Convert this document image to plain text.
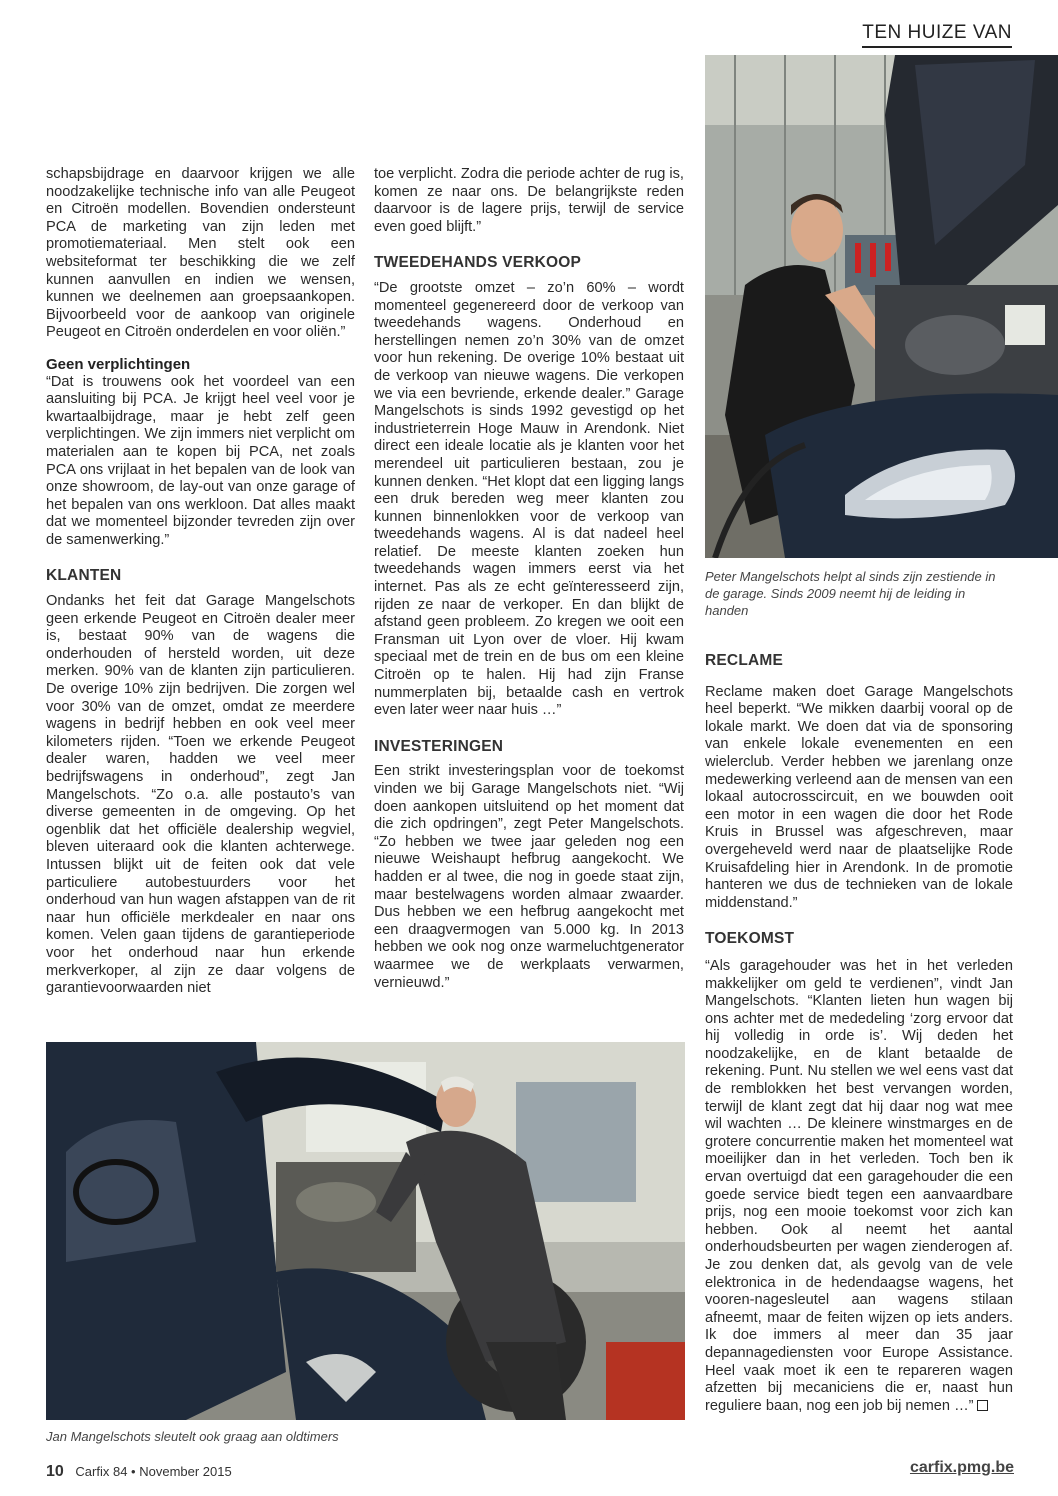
TEN HUIZE VAN
Peter Mangelschots helpt al sinds zijn zestiende in de garage. Sinds 2009 neemt hij de leiding in handen
Jan Mangelschots sleutelt ook graag aan oldtimers

schapsbijdrage en daarvoor krijgen we alle noodzakelijke technische info van alle Peugeot en Citroën modellen. Bovendien ondersteunt PCA de marketing van zijn leden met promotiemateriaal. Men stelt ook een websiteformat ter beschikking die we zelf kunnen aanvullen en indien we wensen, kunnen we deelnemen aan groepsaankopen. Bijvoorbeeld voor de aankoop van originele Peugeot en Citroën onderdelen en voor oliën.”

Geen verplichtingen

“Dat is trouwens ook het voordeel van een aansluiting bij PCA. Je krijgt heel veel voor je kwartaalbijdrage, maar je hebt zelf geen verplichtingen. We zijn immers niet verplicht om materialen aan te kopen bij PCA, net zoals PCA ons vrijlaat in het bepalen van de look van onze showroom, de lay-out van onze garage of het bepalen van ons werkloon. Dat alles maakt dat we momenteel bijzonder tevreden zijn over de samenwerking.”

KLANTEN

Ondanks het feit dat Garage Mangelschots geen erkende Peugeot en Citroën dealer meer is, bestaat 90% van de wagens die onderhouden of hersteld worden, uit deze merken. 90% van de klanten zijn particulieren. De overige 10% zijn bedrijven. Die zorgen wel voor 30% van de omzet, omdat ze meerdere wagens in bedrijf hebben en ook veel meer kilometers rijden. “Toen we erkende Peugeot dealer waren, hadden we veel meer bedrijfswagens in onderhoud”, zegt Jan Mangelschots. “Zo o.a. alle postauto’s van diverse gemeenten in de omgeving. Op het ogenblik dat het officiële dealership wegviel, bleven uiteraard ook die klanten achterwege. Intussen blijkt uit de feiten ook dat vele particuliere autobestuurders voor het onderhoud van hun wagen afstappen van de rit naar hun officiële merkdealer en naar ons komen. Velen gaan tijdens de garantieperiode voor het onderhoud naar hun erkende merkverkoper, al zijn ze daar volgens de garantievoorwaarden niet

toe verplicht. Zodra die periode achter de rug is, komen ze naar ons. De belangrijkste reden daarvoor is de lagere prijs, terwijl de service even goed blijft.”

TWEEDEHANDS VERKOOP

“De grootste omzet – zo’n 60% – wordt momenteel gegenereerd door de verkoop van tweedehands wagens. Onderhoud en herstellingen nemen zo’n 30% van de omzet voor hun rekening. De overige 10% bestaat uit de verkoop van nieuwe wagens. Die verkopen we via een bevriende, erkende dealer.” Garage Mangelschots is sinds 1992 gevestigd op het industrieterrein Hoge Mauw in Arendonk. Niet direct een ideale locatie als je klanten voor het merendeel uit particulieren bestaan, zou je kunnen denken. “Het klopt dat een ligging langs een druk bereden weg meer klanten zou kunnen binnenlokken voor de verkoop van tweedehands wagens. Al is dat nadeel heel relatief. De meeste klanten zoeken hun tweedehands wagen immers eerst via het internet. Pas als ze echt geïnteresseerd zijn, rijden ze naar de verkoper. En dan blijkt de afstand geen probleem. Zo kregen we ooit een Fransman uit Lyon over de vloer. Hij kwam speciaal met de trein en de bus om een kleine Citroën op te halen. Hij had zijn Franse nummerplaten bij, betaalde cash en vertrok even later weer naar huis …”

INVESTERINGEN

Een strikt investeringsplan voor de toekomst vinden we bij Garage Mangelschots niet. “Wij doen aankopen uitsluitend op het moment dat die zich opdringen”, zegt Peter Mangelschots. “Zo hebben we twee jaar geleden nog een nieuwe Weishaupt hefbrug aangekocht. We hadden er al twee, die nog in goede staat zijn, maar bestelwagens worden almaar zwaarder. Dus hebben we een hefbrug aangekocht met een draagvermogen van 5.000 kg. In 2013 hebben we ook nog onze warmeluchtgenerator waarmee we de werkplaats verwarmen, vernieuwd.”

RECLAME

Reclame maken doet Garage Mangelschots heel beperkt. “We mikken daarbij vooral op de lokale markt. We doen dat via de sponsoring van enkele lokale evenementen en een wielerclub. Verder hebben we jarenlang onze medewerking verleend aan de mensen van een lokaal autocrosscircuit, en we bouwden ooit een motor in een wagen die door het Rode Kruis in Brussel was afgeschreven, maar overgeheveld werd naar de plaatselijke Rode Kruisafdeling hier in Arendonk. In de promotie hanteren we dus de technieken van de lokale middenstand.”

TOEKOMST

“Als garagehouder was het in het verleden makkelijker om geld te verdienen”, vindt Jan Mangelschots. “Klanten lieten hun wagen bij ons achter met de mededeling ‘zorg ervoor dat hij volledig in orde is’. Wij deden het noodzakelijke, en de klant betaalde de rekening. Punt. Nu stellen we wel eens vast dat de remblokken het best vervangen worden, terwijl de klant zegt dat hij daar nog wat mee wil wachten … De kleinere winstmarges en de grotere concurrentie maken het momenteel wat moeilijker dan in het verleden. Toch ben ik ervan overtuigd dat een garagehouder die een goede service biedt tegen een aanvaardbare prijs, nog een mooie toekomst voor zich kan hebben. Ook al neemt het aantal onderhoudsbeurten per wagen zienderogen af. Je zou denken dat, als gevolg van de vele elektronica in de hedendaagse wagens, het vooren-nagesleutel aan wagens stilaan afneemt, maar de feiten wijzen op iets anders. Ik doe immers al meer dan 35 jaar depannagediensten voor Europe Assistance. Heel vaak moet ik een te repareren wagen afzetten bij mecaniciens die er, naast hun reguliere baan, nog een job bij nemen …”

10 Carfix 84 • November 2015	carfix.pmg.be
